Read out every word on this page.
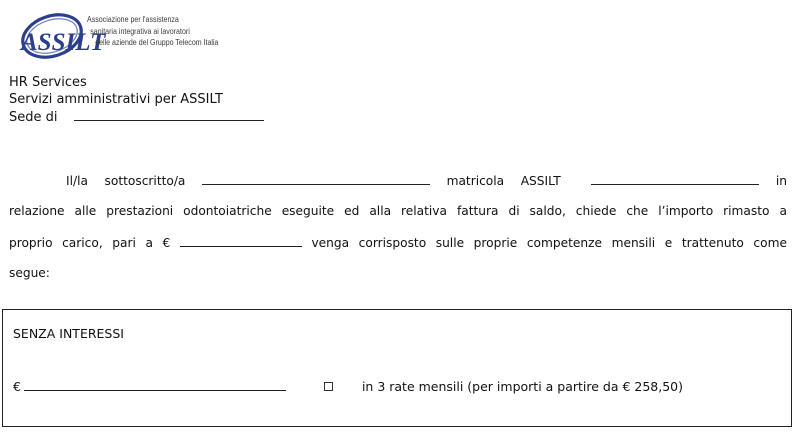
ASSILT
Associazione per l'assistenza
sanitaria integrativa ai lavoratori
delle aziende del Gruppo Telecom Italia
HR Services
Servizi amministrativi per ASSILT
Sede di
Il/la sottoscritto/a	matricola ASSILT	in
relazione alle prestazioni odontoiatriche eseguite ed alla relativa fattura di saldo, chiede che l’importo rimasto a
proprio carico, pari a €	venga corrisposto sulle proprie competenze mensili e trattenuto come
segue:
SENZA INTERESSI
€	in 3 rate mensili (per importi a partire da € 258,50)
